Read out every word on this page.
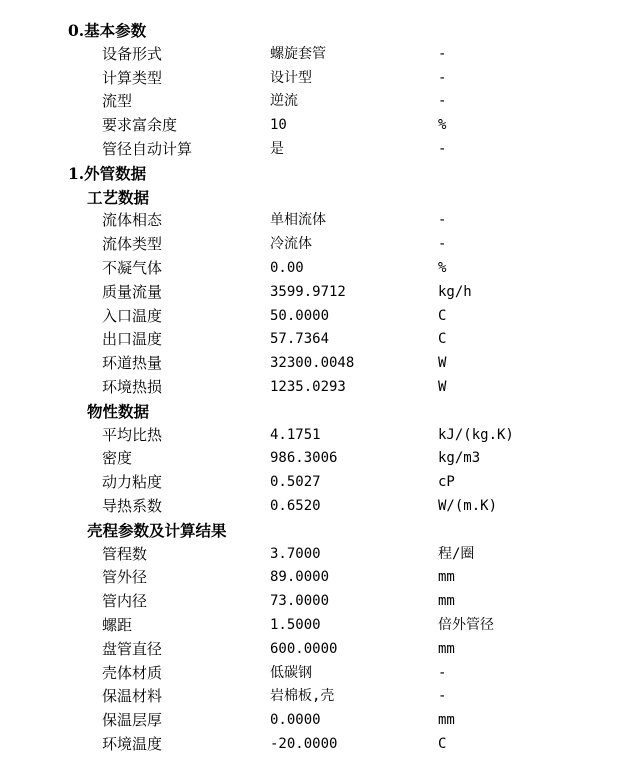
0.基本参数
设备形式	螺旋套管	-
计算类型	设计型	-
流型	逆流	-
要求富余度	10	%
管径自动计算	是	-
1.外管数据
工艺数据
流体相态	单相流体	-
流体类型	冷流体	-
不凝气体	0.00	%
质量流量	3599.9712	kg/h
入口温度	50.0000	C
出口温度	57.7364	C
环道热量	32300.0048	W
环境热损	1235.0293	W
物性数据
平均比热	4.1751	kJ/(kg.K)
密度	986.3006	kg/m3
动力粘度	0.5027	cP
导热系数	0.6520	W/(m.K)
壳程参数及计算结果
管程数	3.7000	程/圈
管外径	89.0000	mm
管内径	73.0000	mm
螺距	1.5000	倍外管径
盘管直径	600.0000	mm
壳体材质	低碳钢	-
保温材料	岩棉板,壳	-
保温层厚	0.0000	mm
环境温度	-20.0000	C
